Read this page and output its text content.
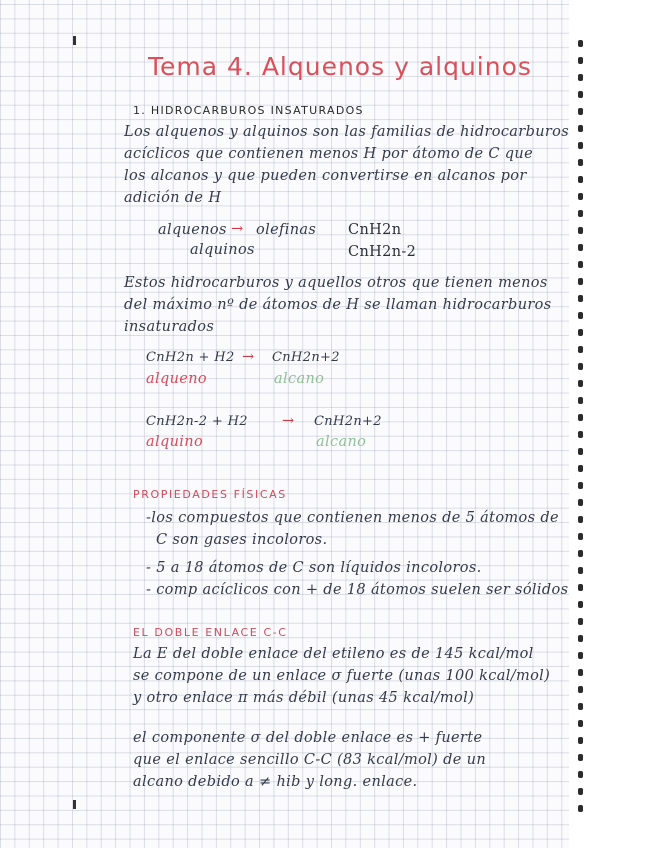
Tema 4. Alquenos y alquinos
1. HIDROCARBUROS INSATURADOS
Los alquenos y alquinos son las familias de hidrocarburos
acíclicos que contienen menos H por átomo de C que
los alcanos y que pueden convertirse en alcanos por
adición de H
alquenos → olefinas CnH2n
alquinos	CnH2n-2
Estos hidrocarburos y aquellos otros que tienen menos
del máximo nº de átomos de H se llaman hidrocarburos
insaturados
CnH2n + H2 → CnH2n+2
alqueno	alcano
CnH2n-2 + H2 → CnH2n+2
alquino	alcano
PROPIEDADES FÍSICAS
-los compuestos que contienen menos de 5 átomos de
C son gases incoloros.
- 5 a 18 átomos de C son líquidos incoloros.
- comp acíclicos con + de 18 átomos suelen ser sólidos
EL DOBLE ENLACE C-C
La E del doble enlace del etileno es de 145 kcal/mol
se compone de un enlace σ fuerte (unas 100 kcal/mol)
y otro enlace π más débil (unas 45 kcal/mol)
el componente σ del doble enlace es + fuerte
que el enlace sencillo C-C (83 kcal/mol) de un
alcano debido a ≠ hib y long. enlace.
